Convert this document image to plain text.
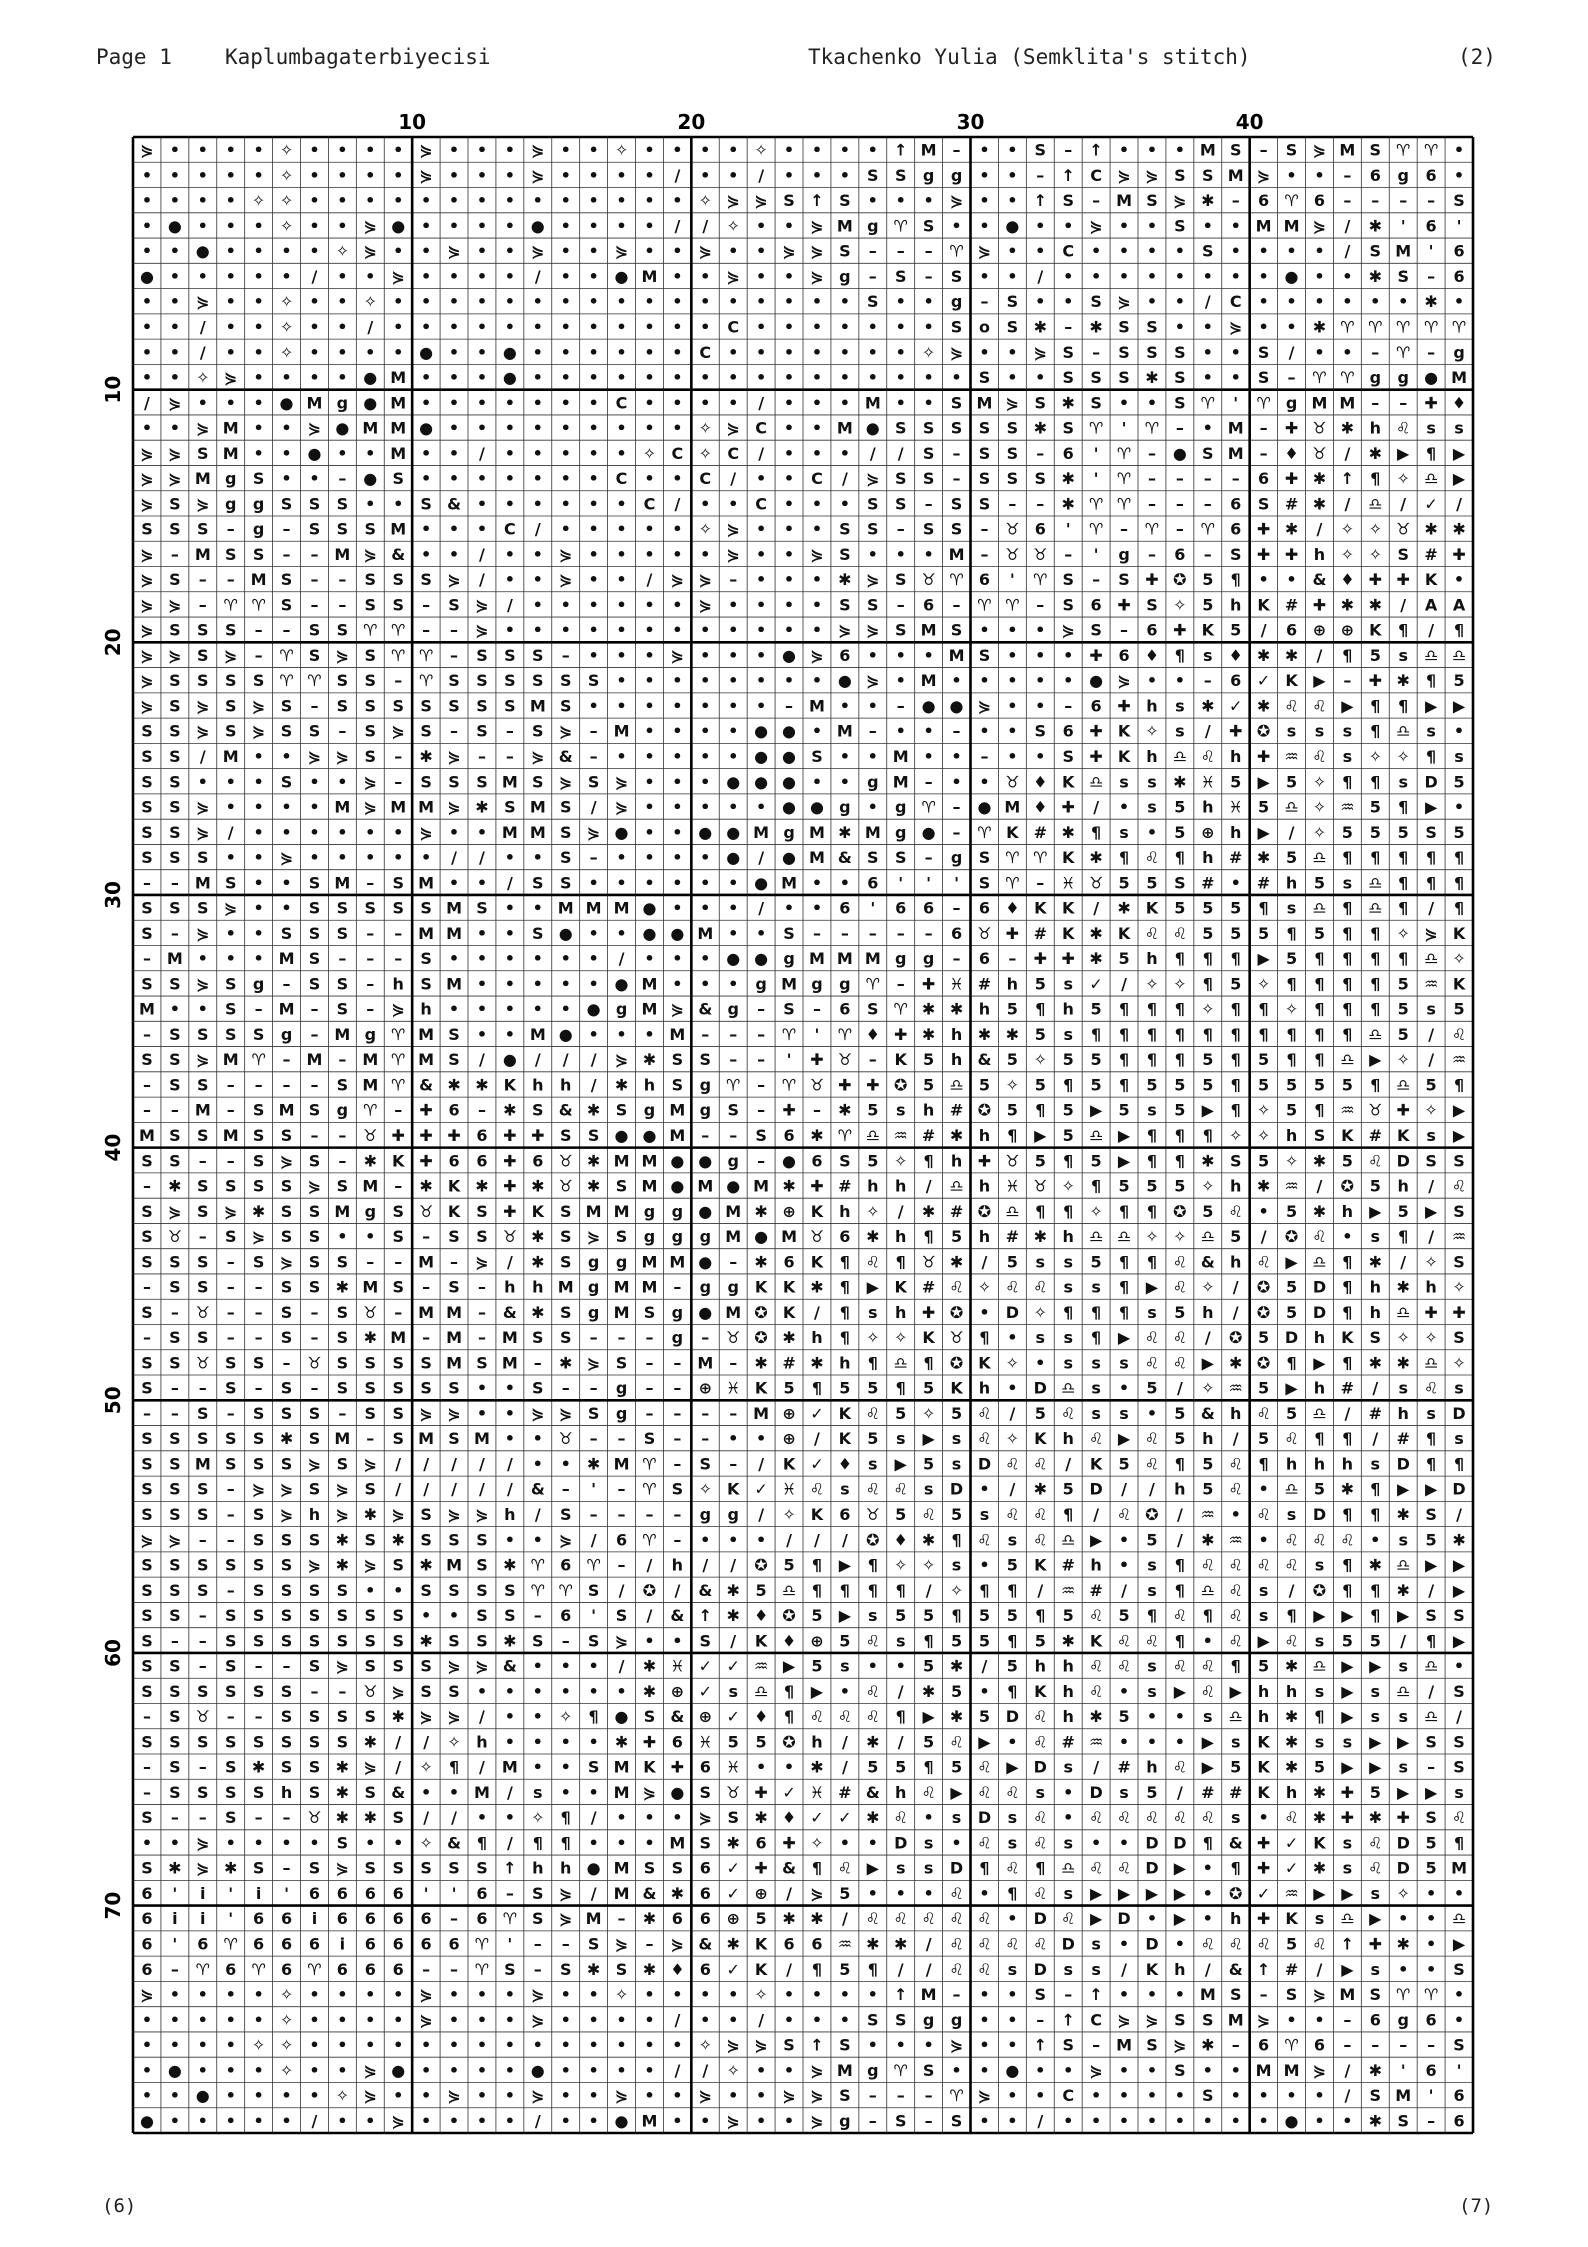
Page 1	Kaplumbagaterbiyecisi	Tkachenko Yulia (Semklita's stitch)	(2)
⋟ • • • • ✧ • • • • ⋟ • • • ⋟ • • ✧ • • • • ✧ • • • • ↑ M – • • S – ↑ • • • M S – S ⋟ M S ♈ ♈ •
• • • • • ✧ • • • • ⋟ • • • ⋟ • • • • / • • / • • • S S g g • • – ↑ C ⋟ ⋟ S S M ⋟ • • – 6 g 6 •
• • • • ✧ ✧ • • • • • • • • • • • • • • ✧ ⋟ ⋟ S ↑ S • • • ⋟ • • ↑ S – M S ⋟ ✱ – 6 ♈ 6 – – – – S
• ● • • • ✧ • • ⋟ ● • • • • ● • • • • / / ✧ • • ⋟ M g ♈ S • • ● • • ⋟ • • S • • M M ⋟ / ✱ ' 6 '
• • ● • • • • ✧ ⋟ • • ⋟ • • ⋟ • • ⋟ • • ⋟ • • ⋟ ⋟ S – – – ♈ ⋟ • • C • • • • S • • • • / S M ' 6
● • • • • • / • • ⋟ • • • • / • • ● M • • ⋟ • • ⋟ g – S – S • • / • • • • • • • • ● • • ✱ S – 6
• • ⋟ • • ✧ • • ✧ • • • • • • • • • • • • • • • • • S • • g – S • • S ⋟ • • / C • • • • • • ✱ •
• • / • • ✧ • • / • • • • • • • • • • • • C • • • • • • • S o S ✱ – ✱ S S • • ⋟ • • ✱ ♈ ♈ ♈ ♈ ♈
• • / • • ✧ • • • • ● • • ● • • • • • • C • • • • • • • ✧ ⋟ • • ⋟ S – S S S • • S / • • – ♈ – g
• • ✧ ⋟ • • • • ● M • • • ● • • • • • • • • • • • • • • • • S • • S S S ✱ S • • S – ♈ ♈ g g ● M
/ ⋟ • • • ● M g ● M • • • • • • • C • • • • / • • • M • • S M ⋟ S ✱ S • • S ♈ ' ♈ g M M – – ✚ ♦
• • ⋟ M • • ⋟ ● M M ● • • • • • • • • • ✧ ⋟ C • • M ● S S S S S ✱ S ♈ ' ♈ – • M – ✚ ♉ ✱ h ♌ s s
⋟ ⋟ S M • • ● • • M • • / • • • • • ✧ C ✧ C / • • • / / S – S S – 6 ' ♈ – ● S M – ♦ ♉ / ✱ ▶ ¶ ▶
⋟ ⋟ M g S • • – ● S • • • • • • • C • • C / • • C / ⋟ S S – S S S ✱ ' ♈ – – – – 6 ✚ ✱ ↑ ¶ ✧ ♎ ▶
⋟ S ⋟ g g S S S • • S & • • • • • • C / • • C • • • S S – S S – – ✱ ♈ ♈ – – – 6 S # ✱ / ♎ / ✓ /
S S S – g – S S S M • • • C / • • • • • ✧ ⋟ • • • S S – S S – ♉ 6 ' ♈ – ♈ – ♈ 6 ✚ ✱ / ✧ ✧ ♉ ✱ ✱
⋟ – M S S – – M ⋟ & • • / • • ⋟ • • • • • ⋟ • • ⋟ S • • • M – ♉ ♉ – ' g – 6 – S ✚ ✚ h ✧ ✧ S # ✚
⋟ S – – M S – – S S S ⋟ / • • ⋟ • • / ⋟ ⋟ – • • • ✱ ⋟ S ♉ ♈ 6 ' ♈ S – S ✚ ✪ 5 ¶ • • & ♦ ✚ ✚ K •
⋟ ⋟ – ♈ ♈ S – – S S – S ⋟ / • • • • • • ⋟ • • • • S S – 6 – ♈ ♈ – S 6 ✚ S ✧ 5 h K # ✚ ✱ ✱ / A A
⋟ S S S – – S S ♈ ♈ – – ⋟ • • • • • • • • • • • • ⋟ ⋟ S M S • • • ⋟ S – 6 ✚ K 5 / 6 ⊕ ⊕ K ¶ / ¶
⋟ ⋟ S ⋟ – ♈ S ⋟ S ♈ ♈ – S S S – • • • ⋟ • • • ● ⋟ 6 • • • M S • • • ✚ 6 ♦ ¶ s ♦ ✱ ✱ / ¶ 5 s ♎ ♎
⋟ S S S S ♈ ♈ S S – ♈ S S S S S S • • • • • • • • ● ⋟ • M • • • • • ● ⋟ • • – 6 ✓ K ▶ – ✚ ✱ ¶ 5
⋟ S ⋟ S ⋟ S – S S S S S S S M S • • • • • • • – M • • – ● ● ⋟ • • – 6 ✚ h s ✱ ✓ ✱ ♌ ♌ ▶ ¶ ¶ ▶ ▶
S S ⋟ S ⋟ S S – S ⋟ S – S – S ⋟ – M • • • • ● ● • M – • • – • • S 6 ✚ K ✧ s / ✚ ✪ s s s ¶ ♎ s •
S S / M • • ⋟ ⋟ S – ✱ ⋟ – – ⋟ & – • • • • • ● ● S • • M • • – • • S ✚ K h ♎ ♌ h ✚ ♒ ♌ s ✧ ✧ ¶ s
S S • • • S • • ⋟ – S S S M S ⋟ S ⋟ • • • ● ● ● • • g M – • • ♉ ♦ K ♎ s s ✱ ♓ 5 ▶ 5 ✧ ¶ ¶ s D 5
S S ⋟ • • • • M ⋟ M M ⋟ ✱ S M S / ⋟ • • • • • ● ● g • g ♈ – ● M ♦ ✚ / • s 5 h ♓ 5 ♎ ✧ ♒ 5 ¶ ▶ •
S S ⋟ / • • • • • • ⋟ • • M M S ⋟ ● • • ● ● M g M ✱ M g ● – ♈ K # ✱ ¶ s • 5 ⊕ h ▶ / ✧ 5 5 5 S 5
S S S • • ⋟ • • • • • / / • • S – • • • • ● / ● M & S S – g S ♈ ♈ K ✱ ¶ ♌ ¶ h # ✱ 5 ♎ ¶ ¶ ¶ ¶ ¶
– – M S • • S M – S M • • / S S • • • • • • ● M • • 6 ' ' ' S ♈ – ♓ ♉ 5 5 S # • # h 5 s ♎ ¶ ¶ ¶
S S S ⋟ • • S S S S S M S • • M M M ● • • • / • • 6 ' 6 6 – 6 ♦ K K / ✱ K 5 5 5 ¶ s ♎ ¶ ♎ ¶ / ¶
S – ⋟ • • S S S – – M M • • S ● • • ● ● M • • S – – – – – 6 ♉ ✚ # K ✱ K ♌ ♌ 5 5 5 ¶ 5 ¶ ¶ ✧ ⋟ K
– M • • • M S – – – S • • • • • • / • • • ● ● g M M M g g – 6 – ✚ ✚ ✱ 5 h ¶ ¶ ¶ ▶ 5 ¶ ¶ ¶ ¶ ♎ ✧
S S ⋟ S g – S S – h S M • • • • • ● M • • • g M g g ♈ – ✚ ♓ # h 5 s ✓ / ✧ ✧ ¶ 5 ✧ ¶ ¶ ¶ ¶ 5 ♒ K
M • • S – M – S – ⋟ h • • • • • ● g M ⋟ & g – S – 6 S ♈ ✱ ✱ h 5 ¶ h 5 ¶ ¶ ¶ ✧ ¶ ¶ ✧ ¶ ¶ ¶ 5 s 5
– S S S S g – M g ♈ M S • • M ● • • • M – – – ♈ ' ♈ ♦ ✚ ✱ h ✱ ✱ 5 s ¶ ¶ ¶ ¶ ¶ ¶ ¶ ¶ ¶ ¶ ♎ 5 / ♌
S S ⋟ M ♈ – M – M ♈ M S / ● / / / ⋟ ✱ S S – – ' ✚ ♉ – K 5 h & 5 ✧ 5 5 ¶ ¶ ¶ 5 ¶ 5 ¶ ¶ ♎ ▶ ✧ / ♒
– S S – – – – S M ♈ & ✱ ✱ K h h / ✱ h S g ♈ – ♈ ♉ ✚ ✚ ✪ 5 ♎ 5 ✧ 5 ¶ 5 ¶ 5 5 5 ¶ 5 5 5 5 ¶ ♎ 5 ¶
– – M – S M S g ♈ – ✚ 6 – ✱ S & ✱ S g M g S – ✚ – ✱ 5 s h # ✪ 5 ¶ 5 ▶ 5 s 5 ▶ ¶ ✧ 5 ¶ ♒ ♉ ✚ ✧ ▶
M S S M S S – – ♉ ✚ ✚ ✚ 6 ✚ ✚ S S ● ● M – – S 6 ✱ ♈ ♎ ♒ # ✱ h ¶ ▶ 5 ♎ ▶ ¶ ¶ ¶ ✧ ✧ h S K # K s ▶
S S – – S ⋟ S – ✱ K ✚ 6 6 ✚ 6 ♉ ✱ M M ● ● g – ● 6 S 5 ✧ ¶ h ✚ ♉ 5 ¶ 5 ▶ ¶ ¶ ✱ S 5 ✧ ✱ 5 ♌ D S S
– ✱ S S S S ⋟ S M – ✱ K ✱ ✚ ✱ ♉ ✱ S M ● M ● M ✱ ✚ # h h / ♎ h ♓ ♉ ✧ ¶ 5 5 5 ✧ h ✱ ♒ / ✪ 5 h / ♌
S ⋟ S ⋟ ✱ S S M g S ♉ K S ✚ K S M M g g ● M ✱ ⊕ K h ✧ / ✱ # ✪ ♎ ¶ ¶ ✧ ¶ ¶ ✪ 5 ♌ • 5 ✱ h ▶ 5 ▶ S
S ♉ – S ⋟ S S • • S – S S ♉ ✱ S ⋟ S g g g M ● M ♉ 6 ✱ h ¶ 5 h # ✱ h ♎ ♎ ✧ ✧ ♎ 5 / ✪ ♌ • s ¶ / ♒
S S S – S ⋟ S S – – M – ⋟ / ✱ S g g M M ● – ✱ 6 K ¶ ♌ ¶ ♉ ✱ / 5 s s 5 ¶ ¶ ♌ & h ♌ ▶ ♎ ¶ ✱ / ✧ S
– S S – – S S ✱ M S – S – h h M g M M – g g K K ✱ ¶ ▶ K # ♌ ✧ ♌ ♌ s s ¶ ▶ ♌ ✧ / ✪ 5 D ¶ h ✱ h ✧
S – ♉ – – S – S ♉ – M M – & ✱ S g M S g ● M ✪ K / ¶ s h ✚ ✪ • D ✧ ¶ ¶ ¶ s 5 h / ✪ 5 D ¶ h ♎ ✚ ✚
– S S – – S – S ✱ M – M – M S S – – – g – ♉ ✪ ✱ h ¶ ✧ ✧ K ♉ ¶ • s s ¶ ▶ ♌ ♌ / ✪ 5 D h K S ✧ ✧ S
S S ♉ S S – ♉ S S S S M S M – ✱ ⋟ S – – M – ✱ # ✱ h ¶ ♎ ¶ ✪ K ✧ • s s s ♌ ♌ ▶ ✱ ✪ ¶ ▶ ¶ ✱ ✱ ♎ ✧
S – – S – S – S S S S S • • S – – g – – ⊕ ♓ K 5 ¶ 5 5 ¶ 5 K h • D ♎ s • 5 / ✧ ♒ 5 ▶ h # / s ♌ s
– – S – S S S – S S ⋟ ⋟ • • ⋟ ⋟ S g – – – – M ⊕ ✓ K ♌ 5 ✧ 5 ♌ / 5 ♌ s s • 5 & h ♌ 5 ♎ / # h s D
S S S S S ✱ S M – S M S M • • ♉ – – S – – • • ⊕ / K 5 s ▶ s ♌ ✧ K h ♌ ▶ ♌ 5 h / 5 ♌ ¶ ¶ / # ¶ s
S S M S S S ⋟ S ⋟ / / / / / • • ✱ M ♈ – S – / K ✓ ♦ s ▶ 5 s D ♌ ♌ / K 5 ♌ ¶ 5 ♌ ¶ h h h s D ¶ ¶
S S S – ⋟ ⋟ S ⋟ S / / / / / & – ' – ♈ S ✧ K ✓ ♓ ♌ s ♌ ♌ s D • / ✱ 5 D / / h 5 ♌ • ♎ 5 ✱ ¶ ▶ ▶ D
S S S – S ⋟ h ⋟ ✱ ⋟ S ⋟ ⋟ h / S – – – – g g / ✧ K 6 ♉ 5 ♌ 5 s ♌ ♌ ¶ / ♌ ✪ / ♒ • ♌ s D ¶ ¶ ✱ S /
⋟ ⋟ – – S S S ✱ S ✱ S S S • • ⋟ / 6 ♈ – • • • / / / ✪ ♦ ✱ ¶ ♌ s ♌ ♎ ▶ • 5 / ✱ ♒ • ♌ ♌ ♌ • s 5 ✱
S S S S S S ⋟ ✱ ⋟ S ✱ M S ✱ ♈ 6 ♈ – / h / / ✪ 5 ¶ ▶ ¶ ✧ ✧ s • 5 K # h • s ¶ ♌ ♌ ♌ ♌ s ¶ ✱ ♎ ▶ ▶
S S S – S S S S • • S S S S ♈ ♈ S / ✪ / & ✱ 5 ♎ ¶ ¶ ¶ ¶ / ✧ ¶ ¶ / ♒ # / s ¶ ♎ ♌ s / ✪ ¶ ¶ ✱ / ▶
S S – S S S S S S S • • S S – 6 ' S / & ↑ ✱ ♦ ✪ 5 ▶ s 5 5 ¶ 5 5 ¶ 5 ♌ 5 ¶ ♌ ¶ ♌ s ¶ ▶ ▶ ¶ ▶ S S
S – – S S S S S S S ✱ S S ✱ S – S ⋟ • • S / K ♦ ⊕ 5 ♌ s ¶ 5 5 ¶ 5 ✱ K ♌ ♌ ¶ • ♌ ▶ ♌ s 5 5 / ¶ ▶
S S – S – – S ⋟ S S S ⋟ ⋟ & • • • / ✱ ♓ ✓ ✓ ♒ ▶ 5 s • • 5 ✱ / 5 h h ♌ ♌ s ♌ ♌ ¶ 5 ✱ ♎ ▶ ▶ s ♎ •
S S S S S S – – ♉ ⋟ S S • • • • • • ✱ ⊕ ✓ s ♎ ¶ ▶ • ♌ / ✱ 5 • ¶ K h ♌ • s ▶ ♌ ▶ h h s ▶ s ♎ / S
– S ♉ – – S S S S ✱ ⋟ ⋟ / • • ✧ ¶ ● S & ⊕ ✓ ♦ ¶ ♌ ♌ ♌ ¶ ▶ ✱ 5 D ♌ h ✱ 5 • • s ♎ h ✱ ¶ ▶ s s ♎ /
S S S S S S S S ✱ / / ✧ h • • • • ✱ ✚ 6 ♓ 5 5 ✪ h / ✱ / 5 ♌ ▶ • ♌ # ♒ • • • ▶ s K ✱ s s ▶ ▶ S S
– S – S ✱ S S ✱ ⋟ / ✧ ¶ / M • • S M K ✚ 6 ♓ • • ✱ / 5 5 ¶ 5 ♌ ▶ D s / # h ♌ ▶ 5 K ✱ 5 ▶ ▶ s – S
– S S S S h S ✱ S & • • M / s • • M ⋟ ● S ♉ ✚ ✓ ♓ # & h ♌ ▶ ♌ ♌ s • D s 5 / # # K h ✱ ✚ 5 ▶ ▶ s
S – – S – – ♉ ✱ ✱ S / / • • ✧ ¶ / • • • ⋟ S ✱ ♦ ✓ ✓ ✱ ♌ • s D s ♌ • ♌ ♌ ♌ ♌ ♌ s • ♌ ✱ ✚ ✱ ✚ S ♌
• • ⋟ • • • • S • • ✧ & ¶ / ¶ ¶ • • • M S ✱ 6 ✚ ✧ • • D s • ♌ s ♌ s • • D D ¶ & ✚ ✓ K s ♌ D 5 ¶
S ✱ ⋟ ✱ S – S ⋟ S S S S S ↑ h h ● M S S 6 ✓ ✚ & ¶ ♌ ▶ s s D ¶ ♌ ¶ ♎ ♌ ♌ D ▶ • ¶ ✚ ✓ ✱ s ♌ D 5 M
6 ' i ' i ' 6 6 6 6 ' ' 6 – S ⋟ / M & ✱ 6 ✓ ⊕ / ⋟ 5 • • • ♌ • ¶ ♌ s ▶ ▶ ▶ ▶ • ✪ ✓ ♒ ▶ ▶ s ✧ • •
6 i i ' 6 6 i 6 6 6 6 – 6 ♈ S ⋟ M – ✱ 6 6 ⊕ 5 ✱ ✱ / ♌ ♌ ♌ ♌ ♌ • D ♌ ▶ D • ▶ • h ✚ K s ♎ ▶ • • ♎
6 ' 6 ♈ 6 6 6 i 6 6 6 6 ♈ ' – – S ⋟ – ⋟ & ✱ K 6 6 ♒ ✱ ✱ / ♌ ♌ ♌ ♌ D s • D • ♌ ♌ ♌ 5 ♌ ↑ ✚ ✱ • ▶
6 – ♈ 6 ♈ 6 ♈ 6 6 6 – – ♈ S – S ✱ S ✱ ♦ 6 ✓ K / ¶ 5 ¶ / / ♌ ♌ s D s s / K h / & ↑ # / ▶ s • • S
⋟ • • • • ✧ • • • • ⋟ • • • ⋟ • • ✧ • • • • ✧ • • • • ↑ M – • • S – ↑ • • • M S – S ⋟ M S ♈ ♈ •
• • • • • ✧ • • • • ⋟ • • • ⋟ • • • • / • • / • • • S S g g • • – ↑ C ⋟ ⋟ S S M ⋟ • • – 6 g 6 •
• • • • ✧ ✧ • • • • • • • • • • • • • • ✧ ⋟ ⋟ S ↑ S • • • ⋟ • • ↑ S – M S ⋟ ✱ – 6 ♈ 6 – – – – S
• ● • • • ✧ • • ⋟ ● • • • • ● • • • • / / ✧ • • ⋟ M g ♈ S • • ● • • ⋟ • • S • • M M ⋟ / ✱ ' 6 '
• • ● • • • • ✧ ⋟ • • ⋟ • • ⋟ • • ⋟ • • ⋟ • • ⋟ ⋟ S – – – ♈ ⋟ • • C • • • • S • • • • / S M ' 6
● • • • • • / • • ⋟ • • • • / • • ● M • • ⋟ • • ⋟ g – S – S • • / • • • • • • • • ● • • ✱ S – 6
10	20	30	40
10
20
30
40
50
60
70
(6)	(7)
